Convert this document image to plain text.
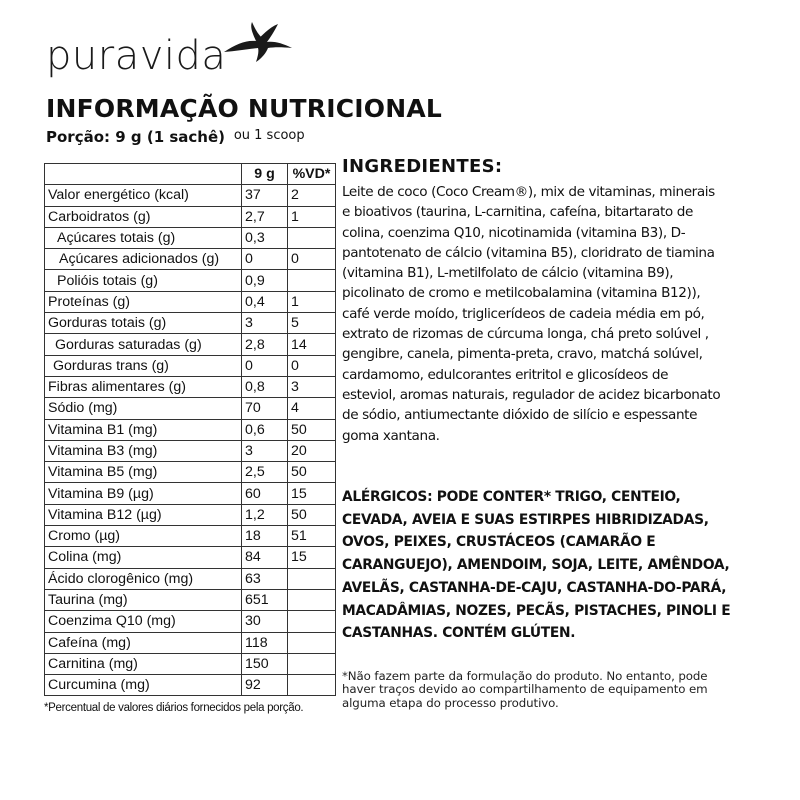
puravida
INFORMAÇÃO NUTRICIONAL
Porção: 9 g (1 sachê) ou 1 scoop
	9 g	%VD*
Valor energético (kcal)	37	2
Carboidratos (g)	2,7	1
Açúcares totais (g)	0,3	
Açúcares adicionados (g)	0	0
Polióis totais (g)	0,9	
Proteínas (g)	0,4	1
Gorduras totais (g)	3	5
Gorduras saturadas (g)	2,8	14
Gorduras trans (g)	0	0
Fibras alimentares (g)	0,8	3
Sódio (mg)	70	4
Vitamina B1 (mg)	0,6	50
Vitamina B3 (mg)	3	20
Vitamina B5 (mg)	2,5	50
Vitamina B9 (µg)	60	15
Vitamina B12 (µg)	1,2	50
Cromo (µg)	18	51
Colina (mg)	84	15
Ácido clorogênico (mg)	63	
Taurina (mg)	651	
Coenzima Q10 (mg)	30	
Cafeína (mg)	118	
Carnitina (mg)	150	
Curcumina (mg)	92	
*Percentual de valores diários fornecidos pela porção.
INGREDIENTES:

Leite de coco (Coco Cream®), mix de vitaminas, minerais e bioativos (taurina, L-carnitina, cafeína, bitartarato de colina, coenzima Q10, nicotinamida (vitamina B3), D-pantotenato de cálcio (vitamina B5), cloridrato de tiamina (vitamina B1), L-metilfolato de cálcio (vitamina B9), picolinato de cromo e metilcobalamina (vitamina B12)), café verde moído, triglicerídeos de cadeia média em pó, extrato de rizomas de cúrcuma longa, chá preto solúvel , gengibre, canela, pimenta-preta, cravo, matchá solúvel, cardamomo, edulcorantes eritritol e glicosídeos de esteviol, aromas naturais, regulador de acidez bicarbonato de sódio, antiumectante dióxido de silício e espessante goma xantana.

ALÉRGICOS: PODE CONTER* TRIGO, CENTEIO, CEVADA, AVEIA E SUAS ESTIRPES HIBRIDIZADAS, OVOS, PEIXES, CRUSTÁCEOS (CAMARÃO E CARANGUEJO), AMENDOIM, SOJA, LEITE, AMÊNDOA, AVELÃS, CASTANHA-DE-CAJU, CASTANHA-DO-PARÁ, MACADÂMIAS, NOZES, PECÃS, PISTACHES, PINOLI E CASTANHAS. CONTÉM GLÚTEN.

*Não fazem parte da formulação do produto. No entanto, pode haver traços devido ao compartilhamento de equipamento em alguma etapa do processo produtivo.
